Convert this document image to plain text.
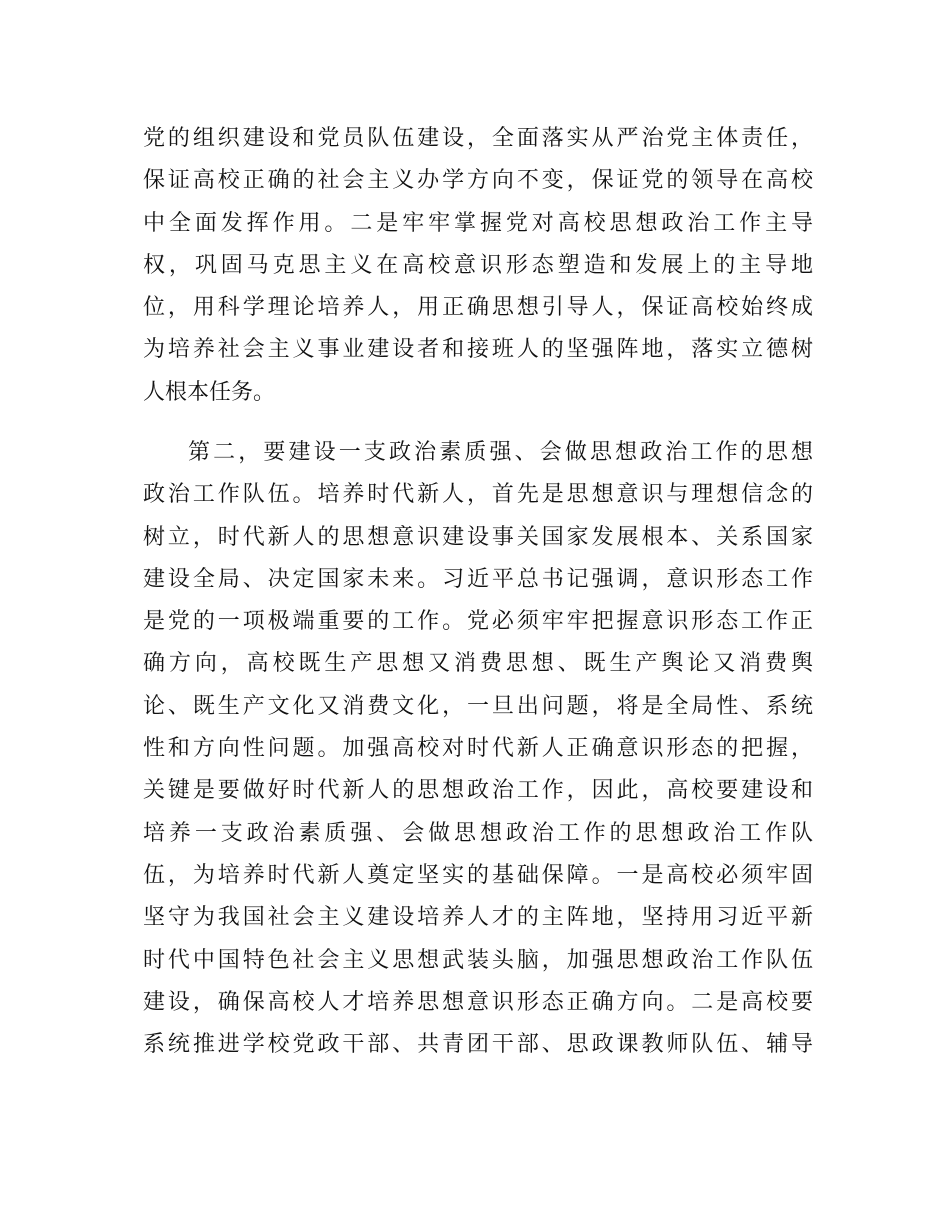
党的组织建设和党员队伍建设，全面落实从严治党主体责任，
保证高校正确的社会主义办学方向不变，保证党的领导在高校
中全面发挥作用。二是牢牢掌握党对高校思想政治工作主导
权，巩固马克思主义在高校意识形态塑造和发展上的主导地
位，用科学理论培养人，用正确思想引导人，保证高校始终成
为培养社会主义事业建设者和接班人的坚强阵地，落实立德树
人根本任务。
第二，要建设一支政治素质强、会做思想政治工作的思想
政治工作队伍。培养时代新人，首先是思想意识与理想信念的
树立，时代新人的思想意识建设事关国家发展根本、关系国家
建设全局、决定国家未来。习近平总书记强调，意识形态工作
是党的一项极端重要的工作。党必须牢牢把握意识形态工作正
确方向，高校既生产思想又消费思想、既生产舆论又消费舆
论、既生产文化又消费文化，一旦出问题，将是全局性、系统
性和方向性问题。加强高校对时代新人正确意识形态的把握，
关键是要做好时代新人的思想政治工作，因此，高校要建设和
培养一支政治素质强、会做思想政治工作的思想政治工作队
伍，为培养时代新人奠定坚实的基础保障。一是高校必须牢固
坚守为我国社会主义建设培养人才的主阵地，坚持用习近平新
时代中国特色社会主义思想武装头脑，加强思想政治工作队伍
建设，确保高校人才培养思想意识形态正确方向。二是高校要
系统推进学校党政干部、共青团干部、思政课教师队伍、辅导
